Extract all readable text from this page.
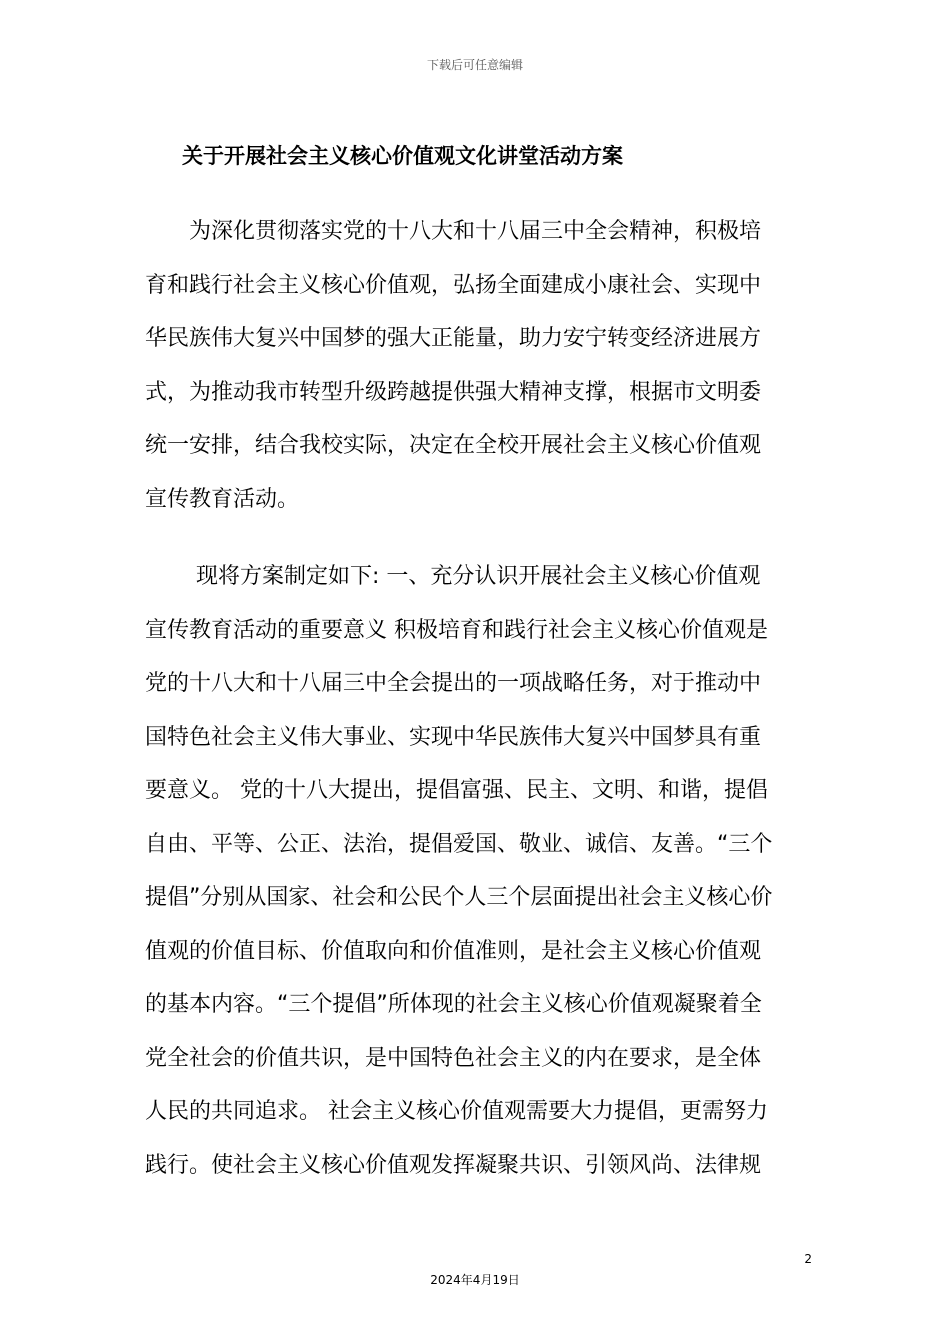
下载后可任意编辑
关于开展社会主义核心价值观文化讲堂活动方案
　　为深化贯彻落实党的十八大和十八届三中全会精神，积极培
育和践行社会主义核心价值观，弘扬全面建成小康社会、实现中
华民族伟大复兴中国梦的强大正能量，助力安宁转变经济进展方
式，为推动我市转型升级跨越提供强大精神支撑，根据市文明委
统一安排，结合我校实际，决定在全校开展社会主义核心价值观
宣传教育活动。
　　 现将方案制定如下: 一、充分认识开展社会主义核心价值观
宣传教育活动的重要意义 积极培育和践行社会主义核心价值观是
党的十八大和十八届三中全会提出的一项战略任务，对于推动中
国特色社会主义伟大事业、实现中华民族伟大复兴中国梦具有重
要意义。 党的十八大提出，提倡富强、民主、文明、和谐，提倡
自由、平等、公正、法治，提倡爱国、敬业、诚信、友善。“三个
提倡”分别从国家、社会和公民个人三个层面提出社会主义核心价
值观的价值目标、价值取向和价值准则，是社会主义核心价值观
的基本内容。“三个提倡”所体现的社会主义核心价值观凝聚着全
党全社会的价值共识，是中国特色社会主义的内在要求，是全体
人民的共同追求。 社会主义核心价值观需要大力提倡，更需努力
践行。使社会主义核心价值观发挥凝聚共识、引领风尚、法律规
2
2024年4月19日
